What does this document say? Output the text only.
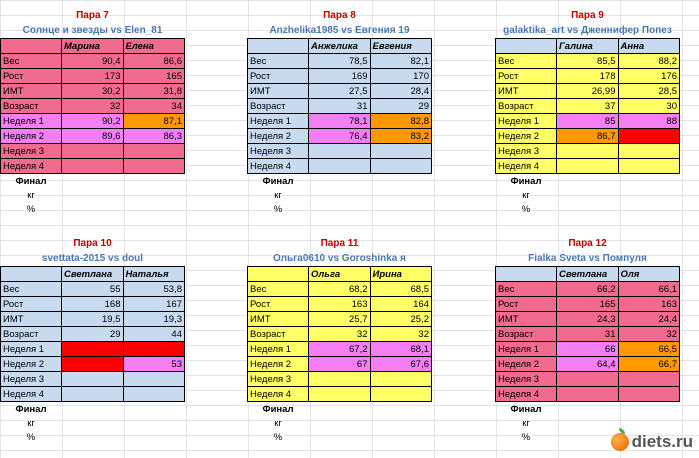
Пара 7
Солнце и звезды vs Elen_81
	Марина	Елена
Вес	90,4	86,6
Рост	173	165
ИМТ	30,2	31,8
Возраст	32	34
Неделя 1	90,2	87,1
Неделя 2	89,6	86,3
Неделя 3		
Неделя 4		
Финал		
кг		
%		
Пара 8
Anzhelika1985 vs Евгения 19
	Анжелика	Евгения
Вес	78,5	82,1
Рост	169	170
ИМТ	27,5	28,4
Возраст	31	29
Неделя 1	78,1	82,8
Неделя 2	76,4	83,2
Неделя 3		
Неделя 4		
Финал		
кг		
%		
Пара 9
galaktika_art vs Дженнифер Попез
	Галина	Анна
Вес	85,5	88,2
Рост	178	176
ИМТ	26,99	28,5
Возраст	37	30
Неделя 1	85	88
Неделя 2	86,7	
Неделя 3		
Неделя 4		
Финал		
кг		
%		
Пара 10
svettata-2015 vs doul
	Светлана	Наталья
Вес	55	53,8
Рост	168	167
ИМТ	19,5	19,3
Возраст	29	44
Неделя 1		
Неделя 2		53
Неделя 3		
Неделя 4		
Финал		
кг		
%		
Пара 11
Ольга0610 vs Goroshinka я
	Ольга	Ирина
Вес	68,2	68,5
Рост	163	164
ИМТ	25,7	25,2
Возраст	32	32
Неделя 1	67,2	68,1
Неделя 2	67	67,6
Неделя 3		
Неделя 4		
Финал		
кг		
%		
Пара 12
Fialka Sveta vs Помпуля
	Светлана	Оля
Вес	66,2	66,1
Рост	165	163
ИМТ	24,3	24,4
Возраст	31	32
Неделя 1	66	66,5
Неделя 2	64,4	66,7
Неделя 3		
Неделя 4		
Финал		
кг		
%			diets.ru
